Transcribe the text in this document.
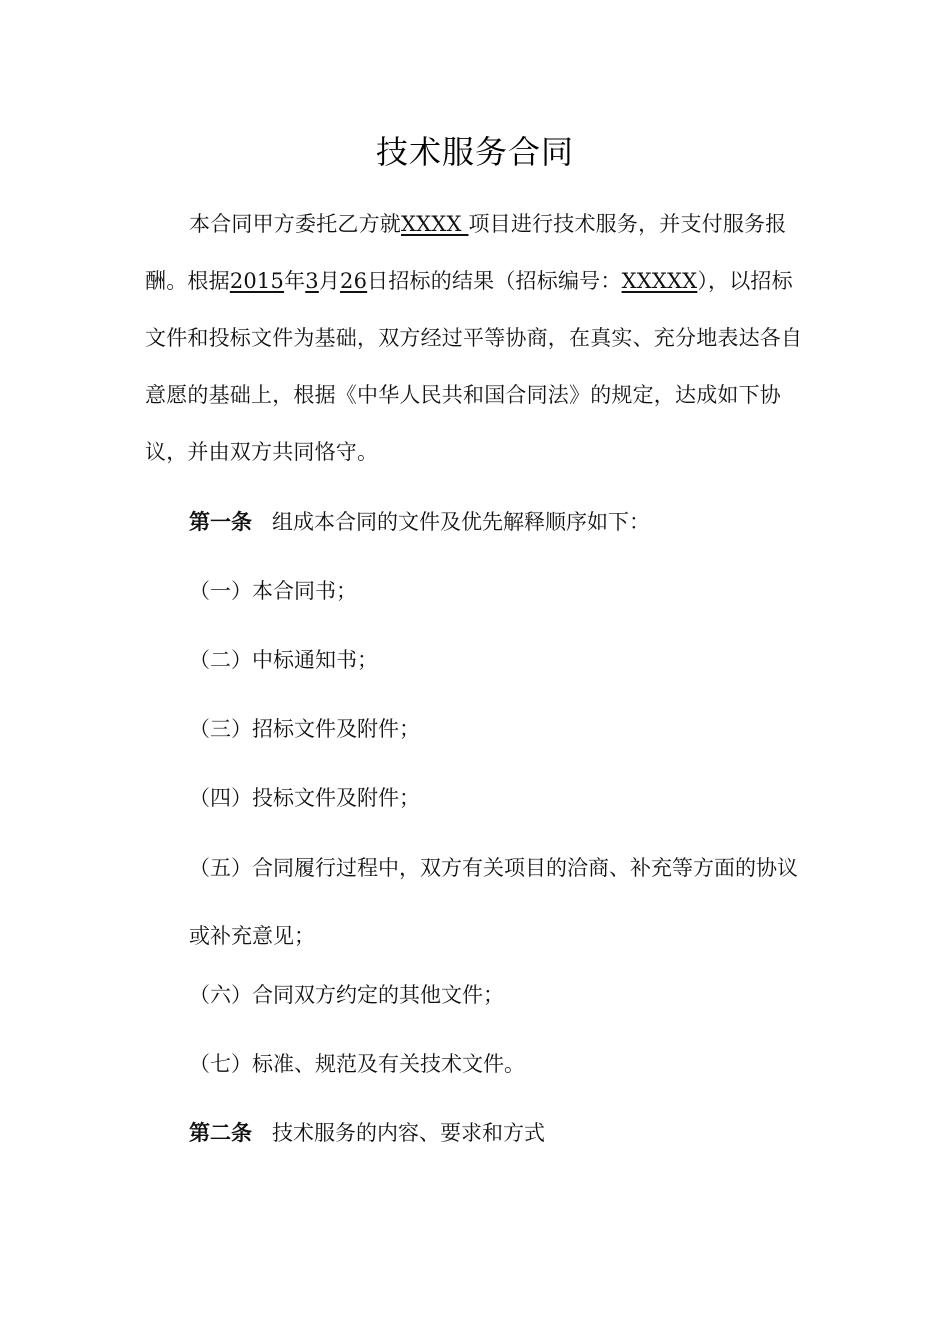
技术服务合同
本合同甲方委托乙方就XXXX 项目进行技术服务，并支付服务报酬。根据2015年3月26日招标的结果（招标编号：XXXXX），以招标文件和投标文件为基础，双方经过平等协商，在真实、充分地表达各自意愿的基础上，根据《中华人民共和国合同法》的规定，达成如下协议，并由双方共同恪守。
第一条 组成本合同的文件及优先解释顺序如下：
（一）本合同书；
（二）中标通知书；
（三）招标文件及附件；
（四）投标文件及附件；
（五）合同履行过程中，双方有关项目的洽商、补充等方面的协议或补充意见；
（六）合同双方约定的其他文件；
（七）标准、规范及有关技术文件。
第二条 技术服务的内容、要求和方式
